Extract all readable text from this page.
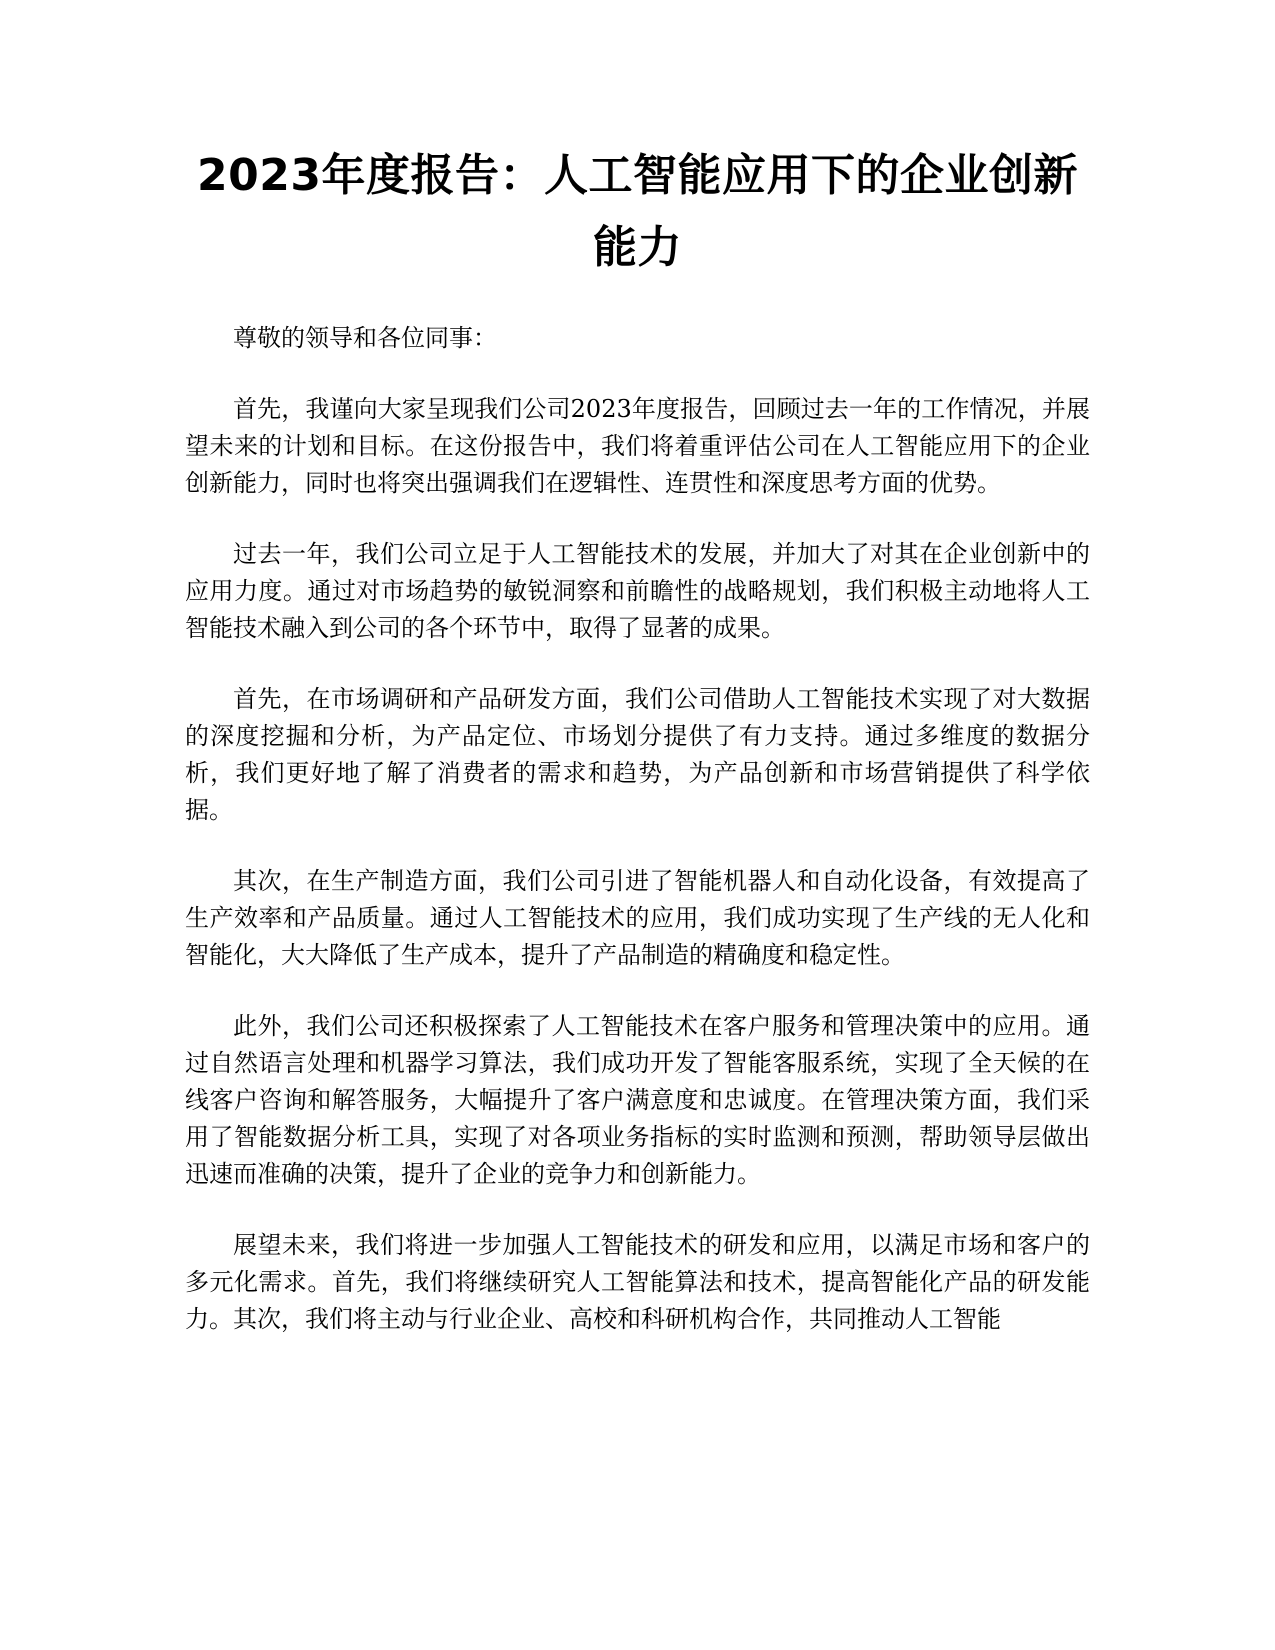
2023年度报告：人工智能应用下的企业创新能力

尊敬的领导和各位同事：

首先，我谨向大家呈现我们公司2023年度报告，回顾过去一年的工作情况，并展望未来的计划和目标。在这份报告中，我们将着重评估公司在人工智能应用下的企业创新能力，同时也将突出强调我们在逻辑性、连贯性和深度思考方面的优势。

过去一年，我们公司立足于人工智能技术的发展，并加大了对其在企业创新中的应用力度。通过对市场趋势的敏锐洞察和前瞻性的战略规划，我们积极主动地将人工智能技术融入到公司的各个环节中，取得了显著的成果。

首先，在市场调研和产品研发方面，我们公司借助人工智能技术实现了对大数据的深度挖掘和分析，为产品定位、市场划分提供了有力支持。通过多维度的数据分析，我们更好地了解了消费者的需求和趋势，为产品创新和市场营销提供了科学依据。

其次，在生产制造方面，我们公司引进了智能机器人和自动化设备，有效提高了生产效率和产品质量。通过人工智能技术的应用，我们成功实现了生产线的无人化和智能化，大大降低了生产成本，提升了产品制造的精确度和稳定性。

此外，我们公司还积极探索了人工智能技术在客户服务和管理决策中的应用。通过自然语言处理和机器学习算法，我们成功开发了智能客服系统，实现了全天候的在线客户咨询和解答服务，大幅提升了客户满意度和忠诚度。在管理决策方面，我们采用了智能数据分析工具，实现了对各项业务指标的实时监测和预测，帮助领导层做出迅速而准确的决策，提升了企业的竞争力和创新能力。

展望未来，我们将进一步加强人工智能技术的研发和应用，以满足市场和客户的多元化需求。首先，我们将继续研究人工智能算法和技术，提高智能化产品的研发能力。其次，我们将主动与行业企业、高校和科研机构合作，共同推动人工智能
